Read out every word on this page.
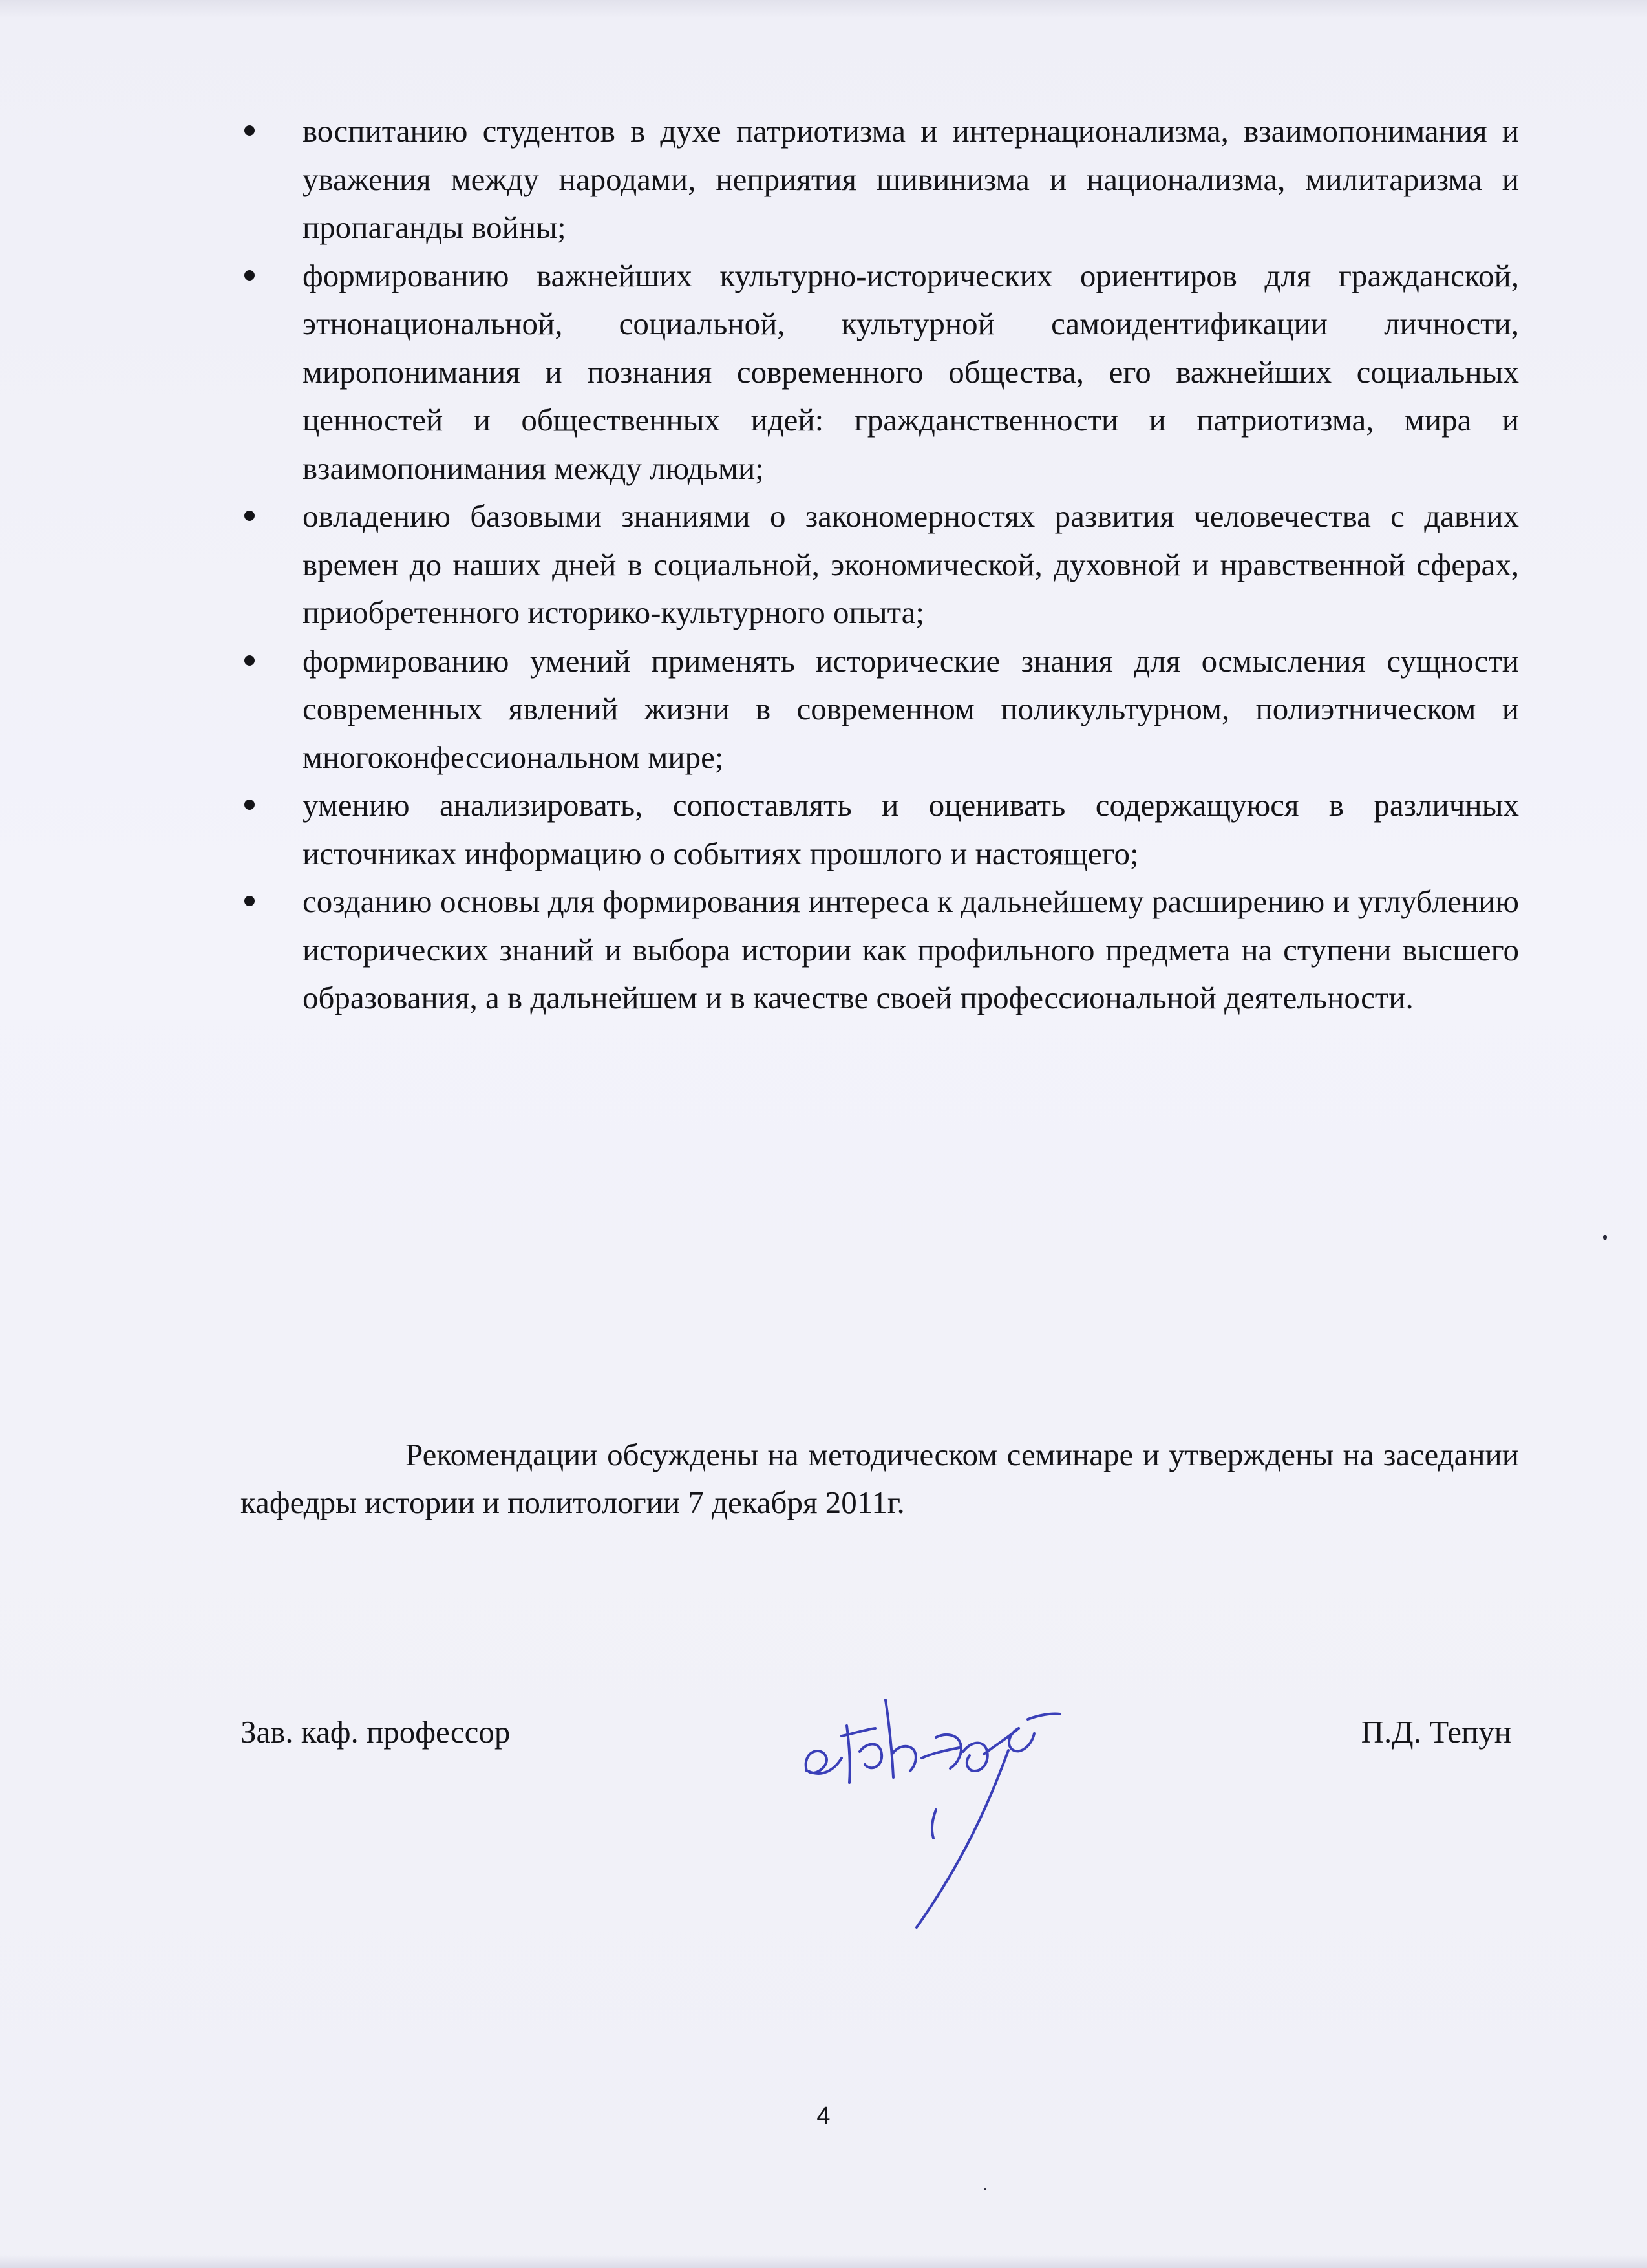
воспитанию студентов в духе патриотизма и интернационализма, взаимопонимания и уважения между народами, неприятия шивинизма и национализма, милитаризма и пропаганды войны;
формированию важнейших культурно-исторических ориентиров для гражданской, этнонациональной, социальной, культурной самоидентификации личности, миропонимания и познания современного общества, его важнейших социальных ценностей и общественных идей: гражданственности и патриотизма, мира и взаимопонимания между людьми;
овладению базовыми знаниями о закономерностях развития человечества с давних времен до наших дней в социальной, экономической, духовной и нравственной сферах, приобретенного историко-культурного опыта;
формированию умений применять исторические знания для осмысления сущности современных явлений жизни в современном поликультурном, полиэтническом и многоконфессиональном мире;
умению анализировать, сопоставлять и оценивать содержащуюся в различных источниках информацию о событиях прошлого и настоящего;
созданию основы для формирования интереса к дальнейшему расширению и углублению исторических знаний и выбора истории как профильного предмета на ступени высшего образования, а в дальнейшем и в качестве своей профессиональной деятельности.

Рекомендации обсуждены на методическом семинаре и утверждены на заседании кафедры истории и политологии 7 декабря 2011г.

Зав. каф. профессор	П.Д. Тепун

4
